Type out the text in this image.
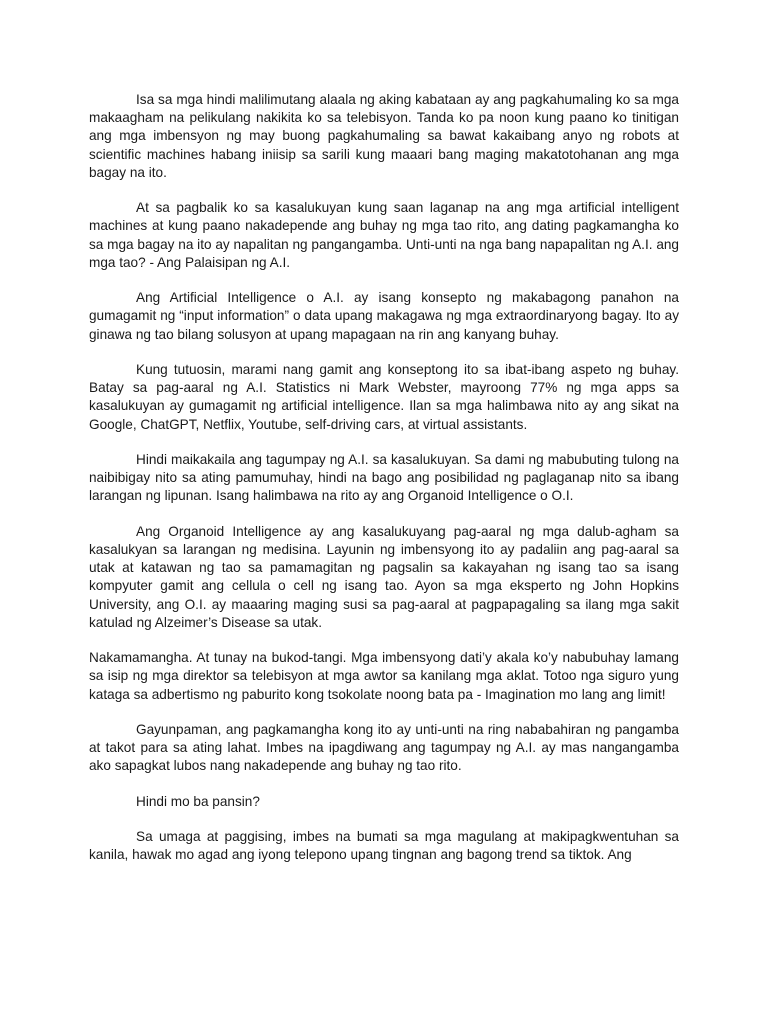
Isa sa mga hindi malilimutang alaala ng aking kabataan ay ang pagkahumaling ko sa mga makaagham na pelikulang nakikita ko sa telebisyon. Tanda ko pa noon kung paano ko tinitigan ang mga imbensyon ng may buong pagkahumaling sa bawat kakaibang anyo ng robots at scientific machines habang iniisip sa sarili kung maaari bang maging makatotohanan ang mga bagay na ito.

At sa pagbalik ko sa kasalukuyan kung saan laganap na ang mga artificial intelligent machines at kung paano nakadepende ang buhay ng mga tao rito, ang dating pagkamangha ko sa mga bagay na ito ay napalitan ng pangangamba. Unti-unti na nga bang napapalitan ng A.I. ang mga tao? - Ang Palaisipan ng A.I.

Ang Artificial Intelligence o A.I. ay isang konsepto ng makabagong panahon na gumagamit ng “input information” o data upang makagawa ng mga extraordinaryong bagay. Ito ay ginawa ng tao bilang solusyon at upang mapagaan na rin ang kanyang buhay.

Kung tutuosin, marami nang gamit ang konseptong ito sa ibat-ibang aspeto ng buhay. Batay sa pag-aaral ng A.I. Statistics ni Mark Webster, mayroong 77% ng mga apps sa kasalukuyan ay gumagamit ng artificial intelligence. Ilan sa mga halimbawa nito ay ang sikat na Google, ChatGPT, Netflix, Youtube, self-driving cars, at virtual assistants.

Hindi maikakaila ang tagumpay ng A.I. sa kasalukuyan. Sa dami ng mabubuting tulong na naibibigay nito sa ating pamumuhay, hindi na bago ang posibilidad ng paglaganap nito sa ibang larangan ng lipunan. Isang halimbawa na rito ay ang Organoid Intelligence o O.I.

Ang Organoid Intelligence ay ang kasalukuyang pag-aaral ng mga dalub-agham sa kasalukyan sa larangan ng medisina. Layunin ng imbensyong ito ay padaliin ang pag-aaral sa utak at katawan ng tao sa pamamagitan ng pagsalin sa kakayahan ng isang tao sa isang kompyuter gamit ang cellula o cell ng isang tao. Ayon sa mga eksperto ng John Hopkins University, ang O.I. ay maaaring maging susi sa pag-aaral at pagpapagaling sa ilang mga sakit katulad ng Alzeimer’s Disease sa utak.

Nakamamangha. At tunay na bukod-tangi. Mga imbensyong dati’y akala ko’y nabubuhay lamang sa isip ng mga direktor sa telebisyon at mga awtor sa kanilang mga aklat. Totoo nga siguro yung kataga sa adbertismo ng paburito kong tsokolate noong bata pa - Imagination mo lang ang limit!

Gayunpaman, ang pagkamangha kong ito ay unti-unti na ring nababahiran ng pangamba at takot para sa ating lahat. Imbes na ipagdiwang ang tagumpay ng A.I. ay mas nangangamba ako sapagkat lubos nang nakadepende ang buhay ng tao rito.

Hindi mo ba pansin?

Sa umaga at paggising, imbes na bumati sa mga magulang at makipagkwentuhan sa kanila, hawak mo agad ang iyong telepono upang tingnan ang bagong trend sa tiktok. Ang
